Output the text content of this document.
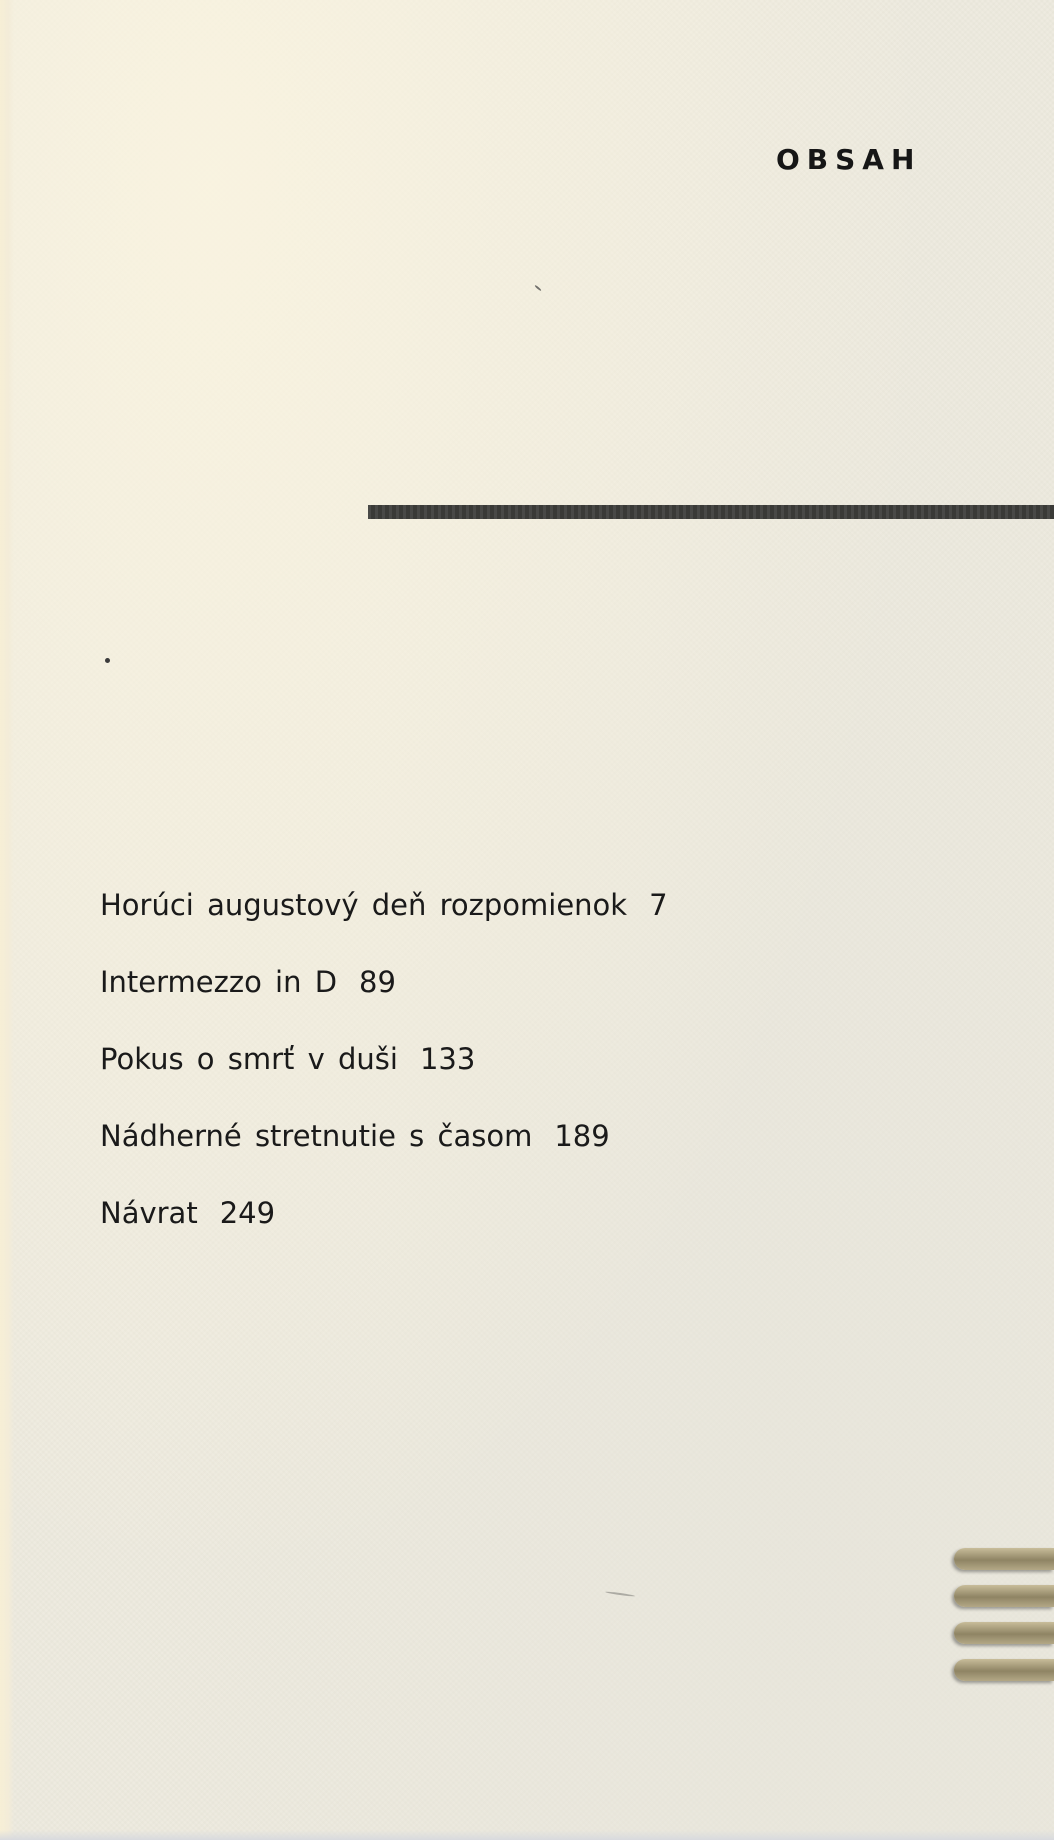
OBSAH
Horúci augustový deň rozpomienok 7
Intermezzo in D 89
Pokus o smrť v duši 133
Nádherné stretnutie s časom 189
Návrat 249
